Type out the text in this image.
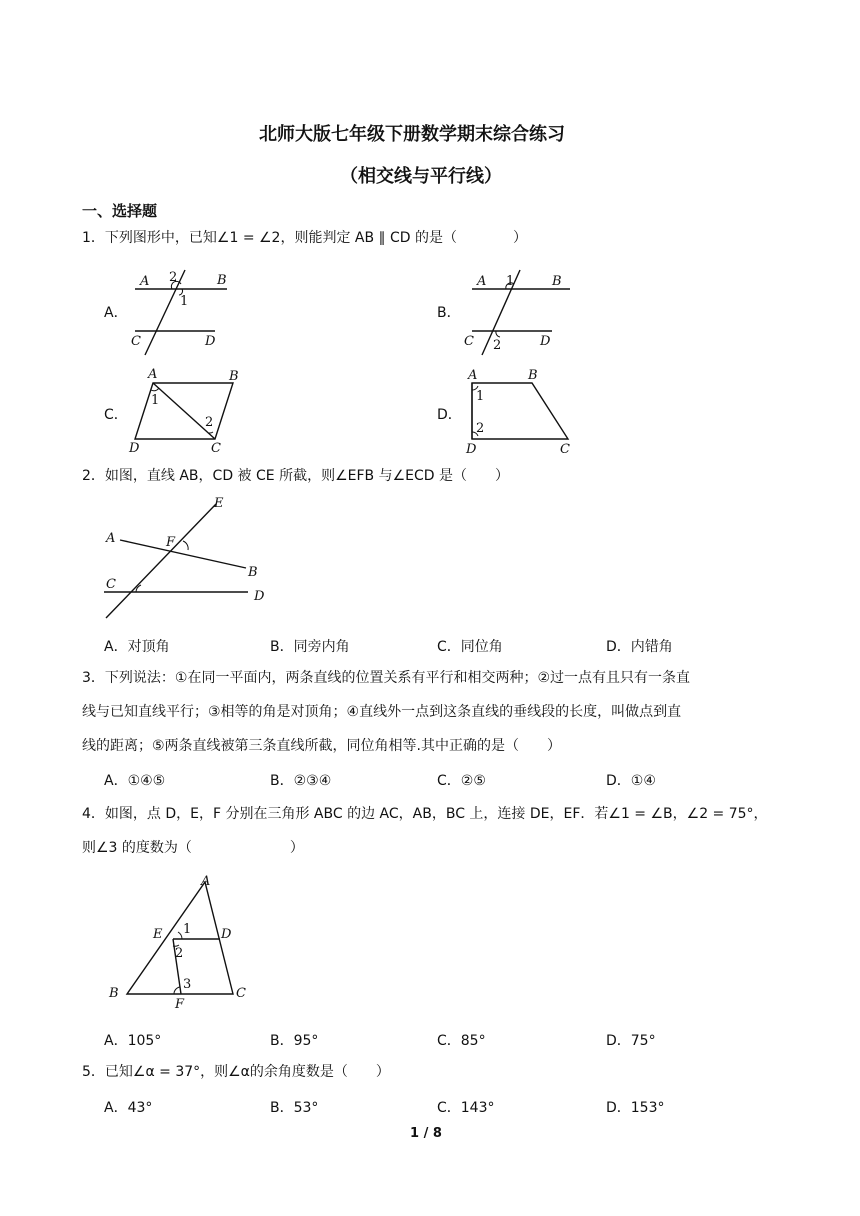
北师大版七年级下册数学期末综合练习
（相交线与平行线）
一、选择题
1．下列图形中，已知∠1 = ∠2，则能判定 AB ∥ CD 的是（　　　　）
A．
A	B
C	D
1
2
B．
A	B
C	D
1
2
C．
A	B
D	C
1
2	D．
A	B
D	C
1
2
2．如图，直线 AB，CD 被 CE 所截，则∠EFB 与∠ECD 是（　　）
E
A	F
B
C
D
A．对顶角	B．同旁内角	C．同位角	D．内错角
3．下列说法：①在同一平面内，两条直线的位置关系有平行和相交两种；②过一点有且只有一条直
线与已知直线平行；③相等的角是对顶角；④直线外一点到这条直线的垂线段的长度，叫做点到直
线的距离；⑤两条直线被第三条直线所截，同位角相等.其中正确的是（　　）
A．①④⑤	B．②③④	C．②⑤	D．①④
4．如图，点 D，E，F 分别在三角形 ABC 的边 AC，AB，BC 上，连接 DE，EF．若∠1 = ∠B，∠2 = 75°，
则∠3 的度数为（　　　　　　　）
A
E	D
1
2
3
B
F
C
A．105°	B．95°	C．85°	D．75°
5．已知∠α = 37°，则∠α的余角度数是（　　）
A．43°	B．53°	C．143°	D．153°
1 / 8
